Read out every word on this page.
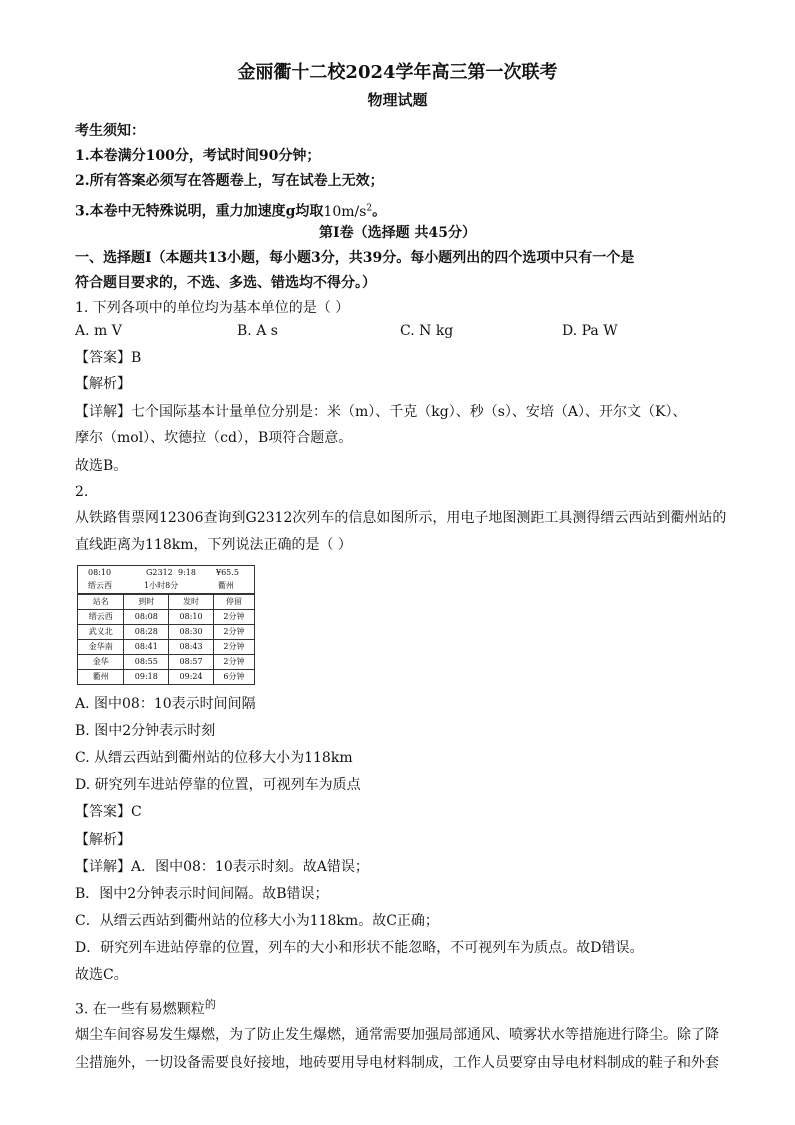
金丽衢十二校2024学年高三第一次联考
物理试题
考生须知：
1.本卷满分100分，考试时间90分钟；
2.所有答案必须写在答题卷上，写在试卷上无效；
3.本卷中无特殊说明，重力加速度g均取$10m/s^2$。
第Ⅰ卷（选择题 共45分）
一、选择题Ⅰ（本题共13小题，每小题3分，共39分。每小题列出的四个选项中只有一个是
符合题目要求的，不选、多选、错选均不得分。）
1. 下列各项中的单位均为基本单位的是（ ）
A. m V	B. A s	C. N kg	D. Pa W
【答案】B
【解析】
【详解】七个国际基本计量单位分别是：米（m）、千克（kg）、秒（s）、安培（A）、开尔文（K）、
摩尔（mol）、坎德拉（cd），B项符合题意。
故选B。
2.
从铁路售票网12306查询到G2312次列车的信息如图所示，用电子地图测距工具测得缙云西站到衢州站的
直线距离为118km，下列说法正确的是（ ）
08:10	G2312 9:18	¥65.5
缙云西	1小时8分	衢州
站名	到时	发时	停留
缙云西	08:08	08:10	2分钟
武义北	08:28	08:30	2分钟
金华南	08:41	08:43	2分钟
金华	08:55	08:57	2分钟
衢州	09:18	09:24	6分钟
A. 图中08：10表示时间间隔
B. 图中2分钟表示时刻
C. 从缙云西站到衢州站的位移大小为118km
D. 研究列车进站停靠的位置，可视列车为质点
【答案】C
【解析】
【详解】A．图中08：10表示时刻。故A错误；
B．图中2分钟表示时间间隔。故B错误；
C．从缙云西站到衢州站的位移大小为118km。故C正确；
D．研究列车进站停靠的位置，列车的大小和形状不能忽略，不可视列车为质点。故D错误。
故选C。
3. 在一些有易燃颗粒$^的$
烟尘车间容易发生爆燃，为了防止发生爆燃，通常需要加强局部通风、喷雾状水等措施进行降尘。除了降
尘措施外，一切设备需要良好接地，地砖要用导电材料制成，工作人员要穿由导电材料制成的鞋子和外套
